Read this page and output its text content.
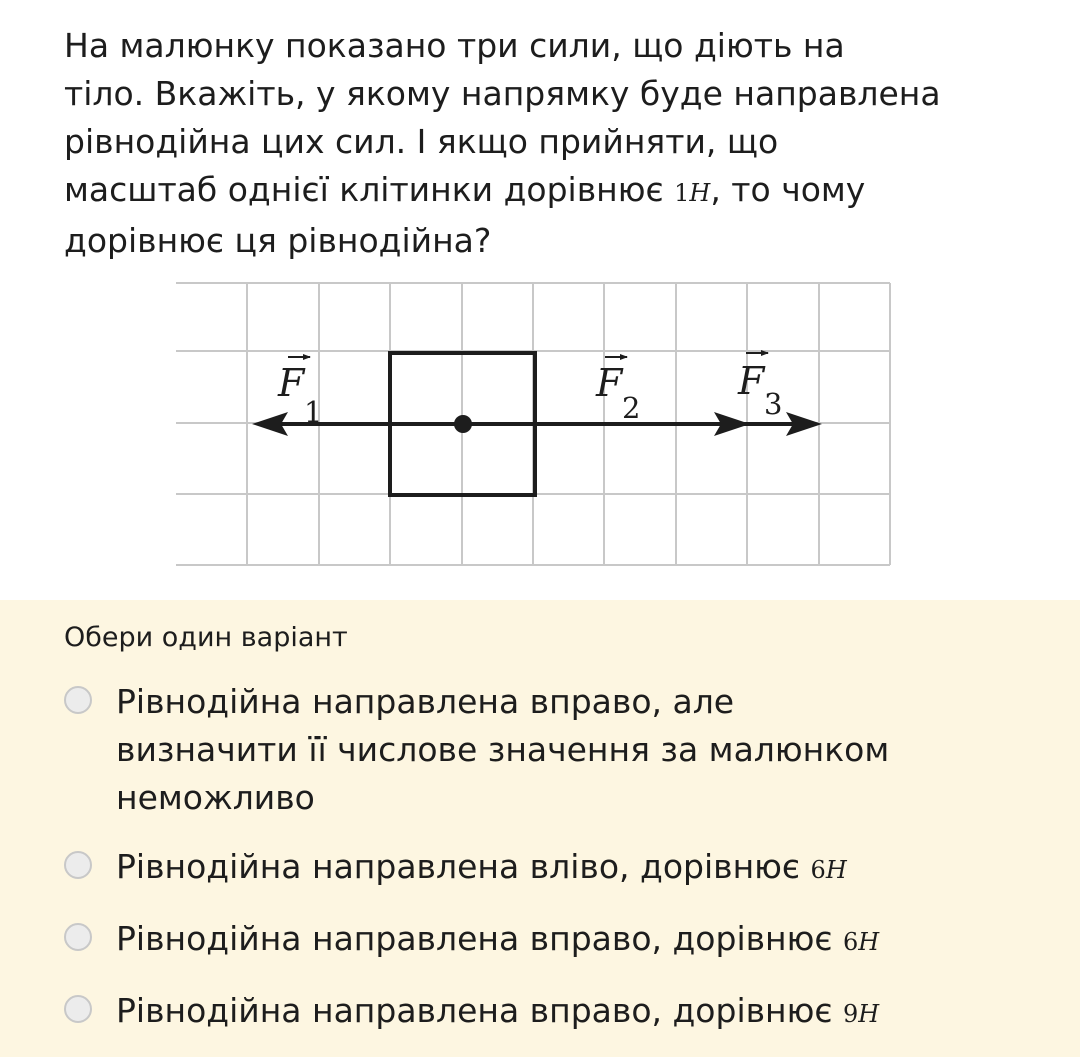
На малюнку показано три сили, що діють на
тіло. Вкажіть, у якому напрямку буде направлена
рівнодійна цих сил. І якщо прийняти, що
масштаб однієї клітинки дорівнює 1Н, то чому
дорівнює ця рівнодійна?
F
1
F
2
F
3
Обери один варіант
Рівнодійна направлена вправо, але
визначити її числове значення за малюнком
неможливо
Рівнодійна направлена вліво, дорівнює 6Н
Рівнодійна направлена вправо, дорівнює 6Н
Рівнодійна направлена вправо, дорівнює 9Н
